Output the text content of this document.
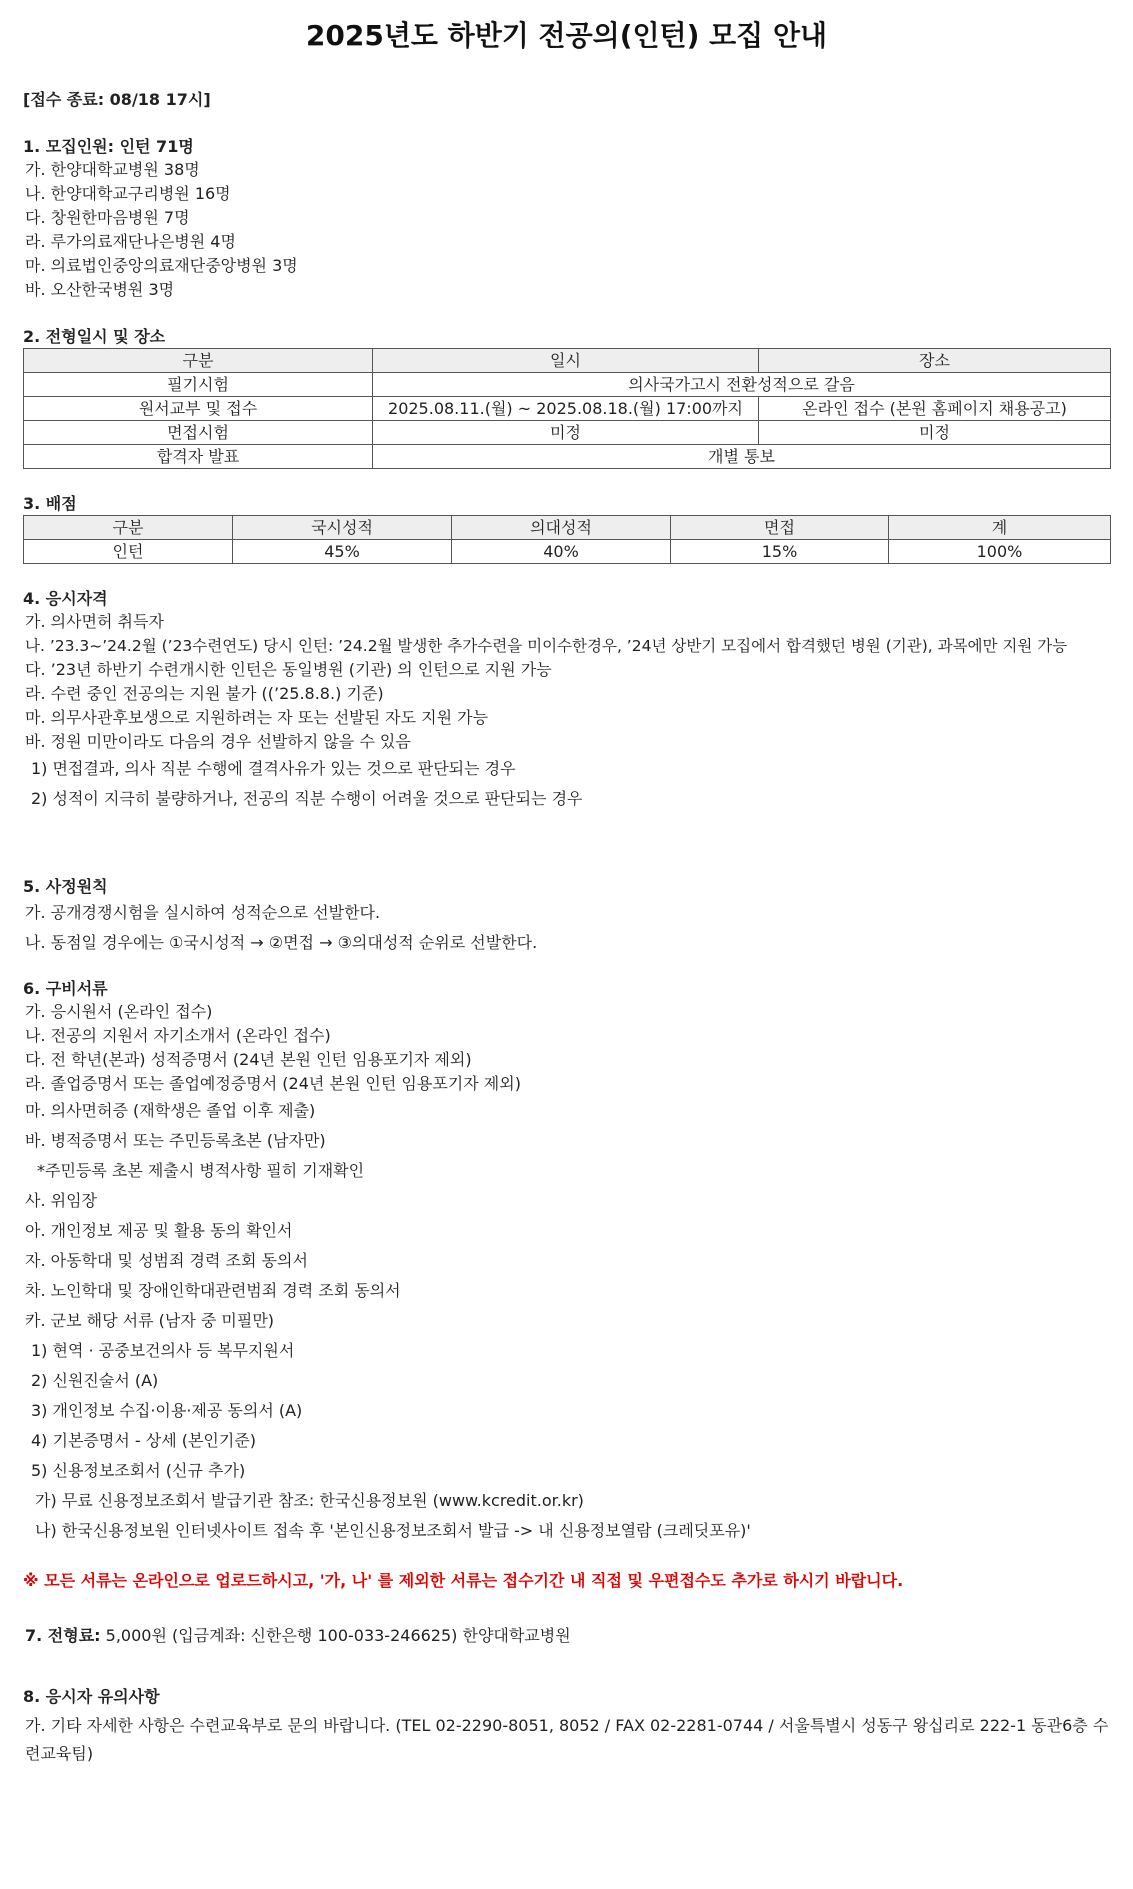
2025년도 하반기 전공의(인턴) 모집 안내
[접수 종료: 08/18 17시]
1. 모집인원: 인턴 71명
가. 한양대학교병원 38명
나. 한양대학교구리병원 16명
다. 창원한마음병원 7명
라. 루가의료재단나은병원 4명
마. 의료법인중앙의료재단중앙병원 3명
바. 오산한국병원 3명
2. 전형일시 및 장소
구분	일시	장소
필기시험	의사국가고시 전환성적으로 갈음	
원서교부 및 접수	2025.08.11.(월) ~ 2025.08.18.(월) 17:00까지	온라인 접수 (본원 홈페이지 채용공고)
면접시험	미정	미정
합격자 발표	개별 통보	
3. 배점
구분	국시성적	의대성적	면접	계
인턴	45%	40%	15%	100%
4. 응시자격
가. 의사면허 취득자
나. ’23.3~’24.2월 (’23수련연도) 당시 인턴: ’24.2월 발생한 추가수련을 미이수한경우, ’24년 상반기 모집에서 합격했던 병원 (기관), 과목에만 지원 가능
다. ’23년 하반기 수련개시한 인턴은 동일병원 (기관) 의 인턴으로 지원 가능
라. 수련 중인 전공의는 지원 불가 ((’25.8.8.) 기준)
마. 의무사관후보생으로 지원하려는 자 또는 선발된 자도 지원 가능
바. 정원 미만이라도 다음의 경우 선발하지 않을 수 있음
1) 면접결과, 의사 직분 수행에 결격사유가 있는 것으로 판단되는 경우
2) 성적이 지극히 불량하거나, 전공의 직분 수행이 어려울 것으로 판단되는 경우
5. 사정원칙
가. 공개경쟁시험을 실시하여 성적순으로 선발한다.
나. 동점일 경우에는 ①국시성적 → ②면접 → ③의대성적 순위로 선발한다.
6. 구비서류
가. 응시원서 (온라인 접수)
나. 전공의 지원서 자기소개서 (온라인 접수)
다. 전 학년(본과) 성적증명서 (24년 본원 인턴 임용포기자 제외)
라. 졸업증명서 또는 졸업예정증명서 (24년 본원 인턴 임용포기자 제외)
마. 의사면허증 (재학생은 졸업 이후 제출)
바. 병적증명서 또는 주민등록초본 (남자만)
*주민등록 초본 제출시 병적사항 필히 기재확인
사. 위임장
아. 개인정보 제공 및 활용 동의 확인서
자. 아동학대 및 성범죄 경력 조회 동의서
차. 노인학대 및 장애인학대관련범죄 경력 조회 동의서
카. 군보 해당 서류 (남자 중 미필만)
1) 현역 · 공중보건의사 등 복무지원서
2) 신원진술서 (A)
3) 개인정보 수집·이용·제공 동의서 (A)
4) 기본증명서 - 상세 (본인기준)
5) 신용정보조회서 (신규 추가)
가) 무료 신용정보조회서 발급기관 참조: 한국신용정보원 (www.kcredit.or.kr)
나) 한국신용정보원 인터넷사이트 접속 후 '본인신용정보조회서 발급 -> 내 신용정보열람 (크레딧포유)'
※ 모든 서류는 온라인으로 업로드하시고, '가, 나' 를 제외한 서류는 접수기간 내 직접 및 우편접수도 추가로 하시기 바랍니다.
7. 전형료: 5,000원 (입금계좌: 신한은행 100-033-246625) 한양대학교병원
8. 응시자 유의사항
가. 기타 자세한 사항은 수련교육부로 문의 바랍니다. (TEL 02-2290-8051, 8052 / FAX 02-2281-0744 / 서울특별시 성동구 왕십리로 222-1 동관6층 수련교육팀)
